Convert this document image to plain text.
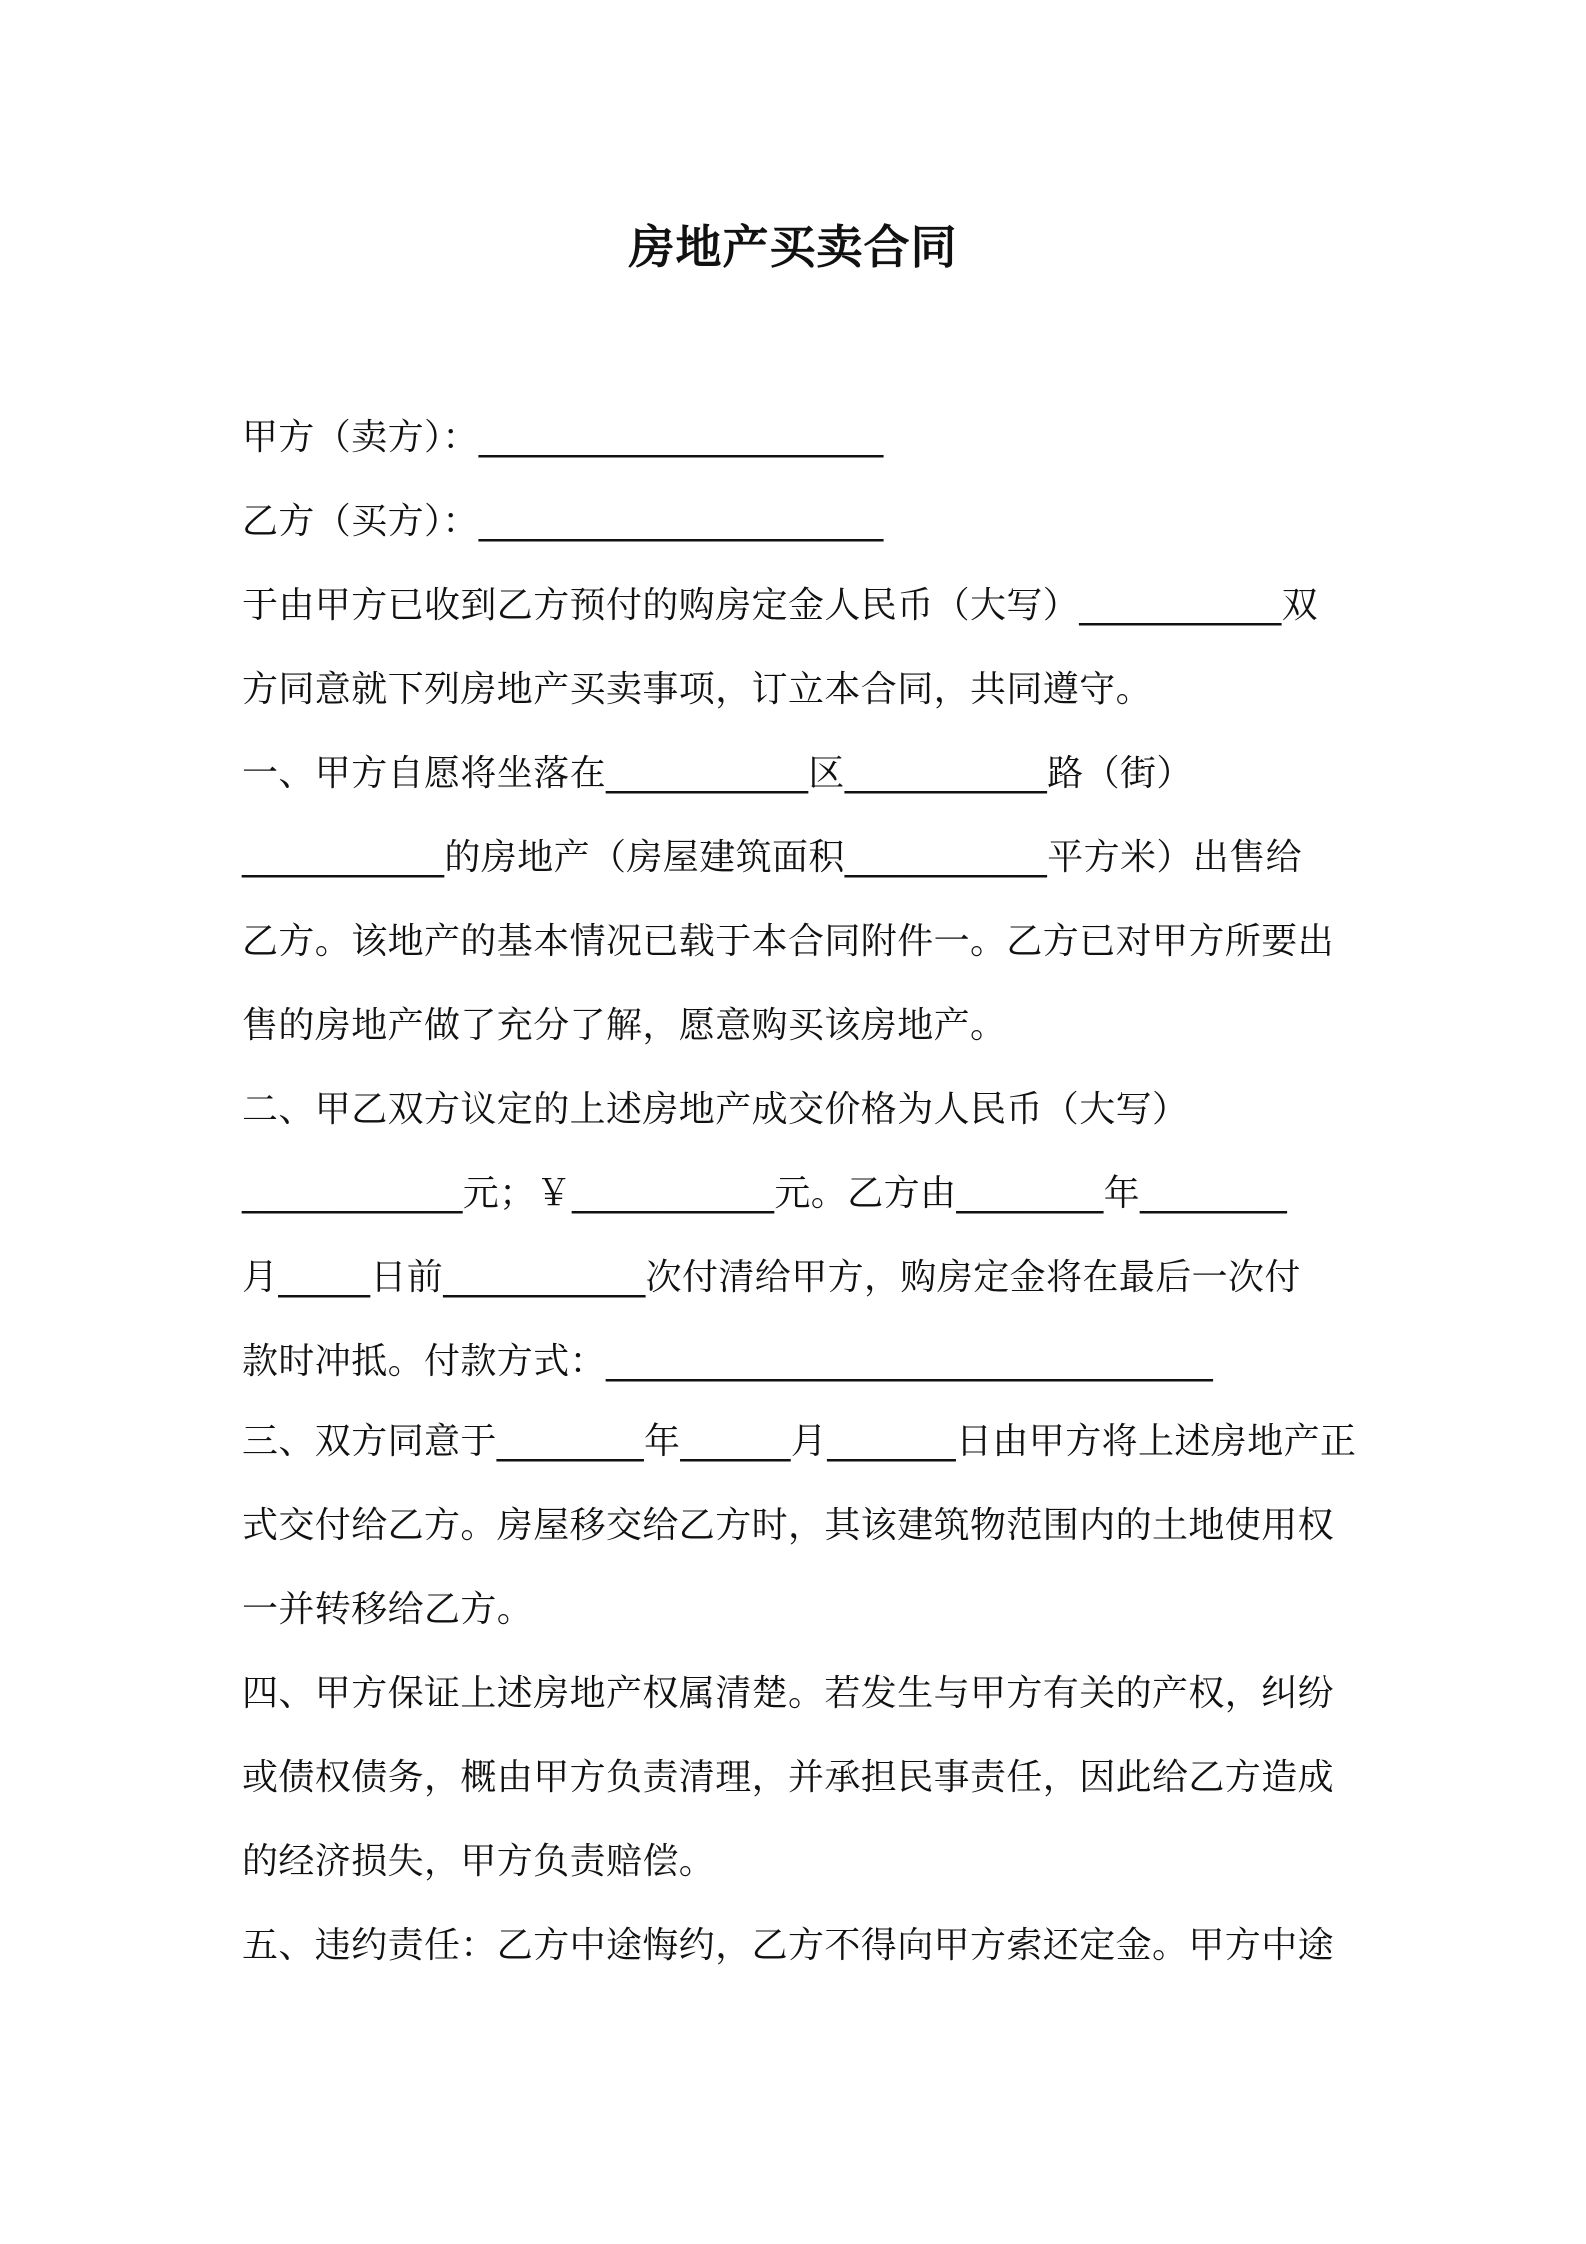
房地产买卖合同
甲方（卖方）：______________________
乙方（买方）：______________________
于由甲方已收到乙方预付的购房定金人民币（大写）___________双
方同意就下列房地产买卖事项，订立本合同，共同遵守。
一、甲方自愿将坐落在___________区___________路（街）
___________的房地产（房屋建筑面积___________平方米）出售给
乙方。该地产的基本情况已载于本合同附件一。乙方已对甲方所要出
售的房地产做了充分了解，愿意购买该房地产。
二、甲乙双方议定的上述房地产成交价格为人民币（大写）
____________元；￥___________元。乙方由________年________
月_____日前___________次付清给甲方，购房定金将在最后一次付
款时冲抵。付款方式：_________________________________
三、双方同意于________年______月_______日由甲方将上述房地产正
式交付给乙方。房屋移交给乙方时，其该建筑物范围内的土地使用权
一并转移给乙方。
四、甲方保证上述房地产权属清楚。若发生与甲方有关的产权，纠纷
或债权债务，概由甲方负责清理，并承担民事责任，因此给乙方造成
的经济损失，甲方负责赔偿。
五、违约责任：乙方中途悔约，乙方不得向甲方索还定金。甲方中途
